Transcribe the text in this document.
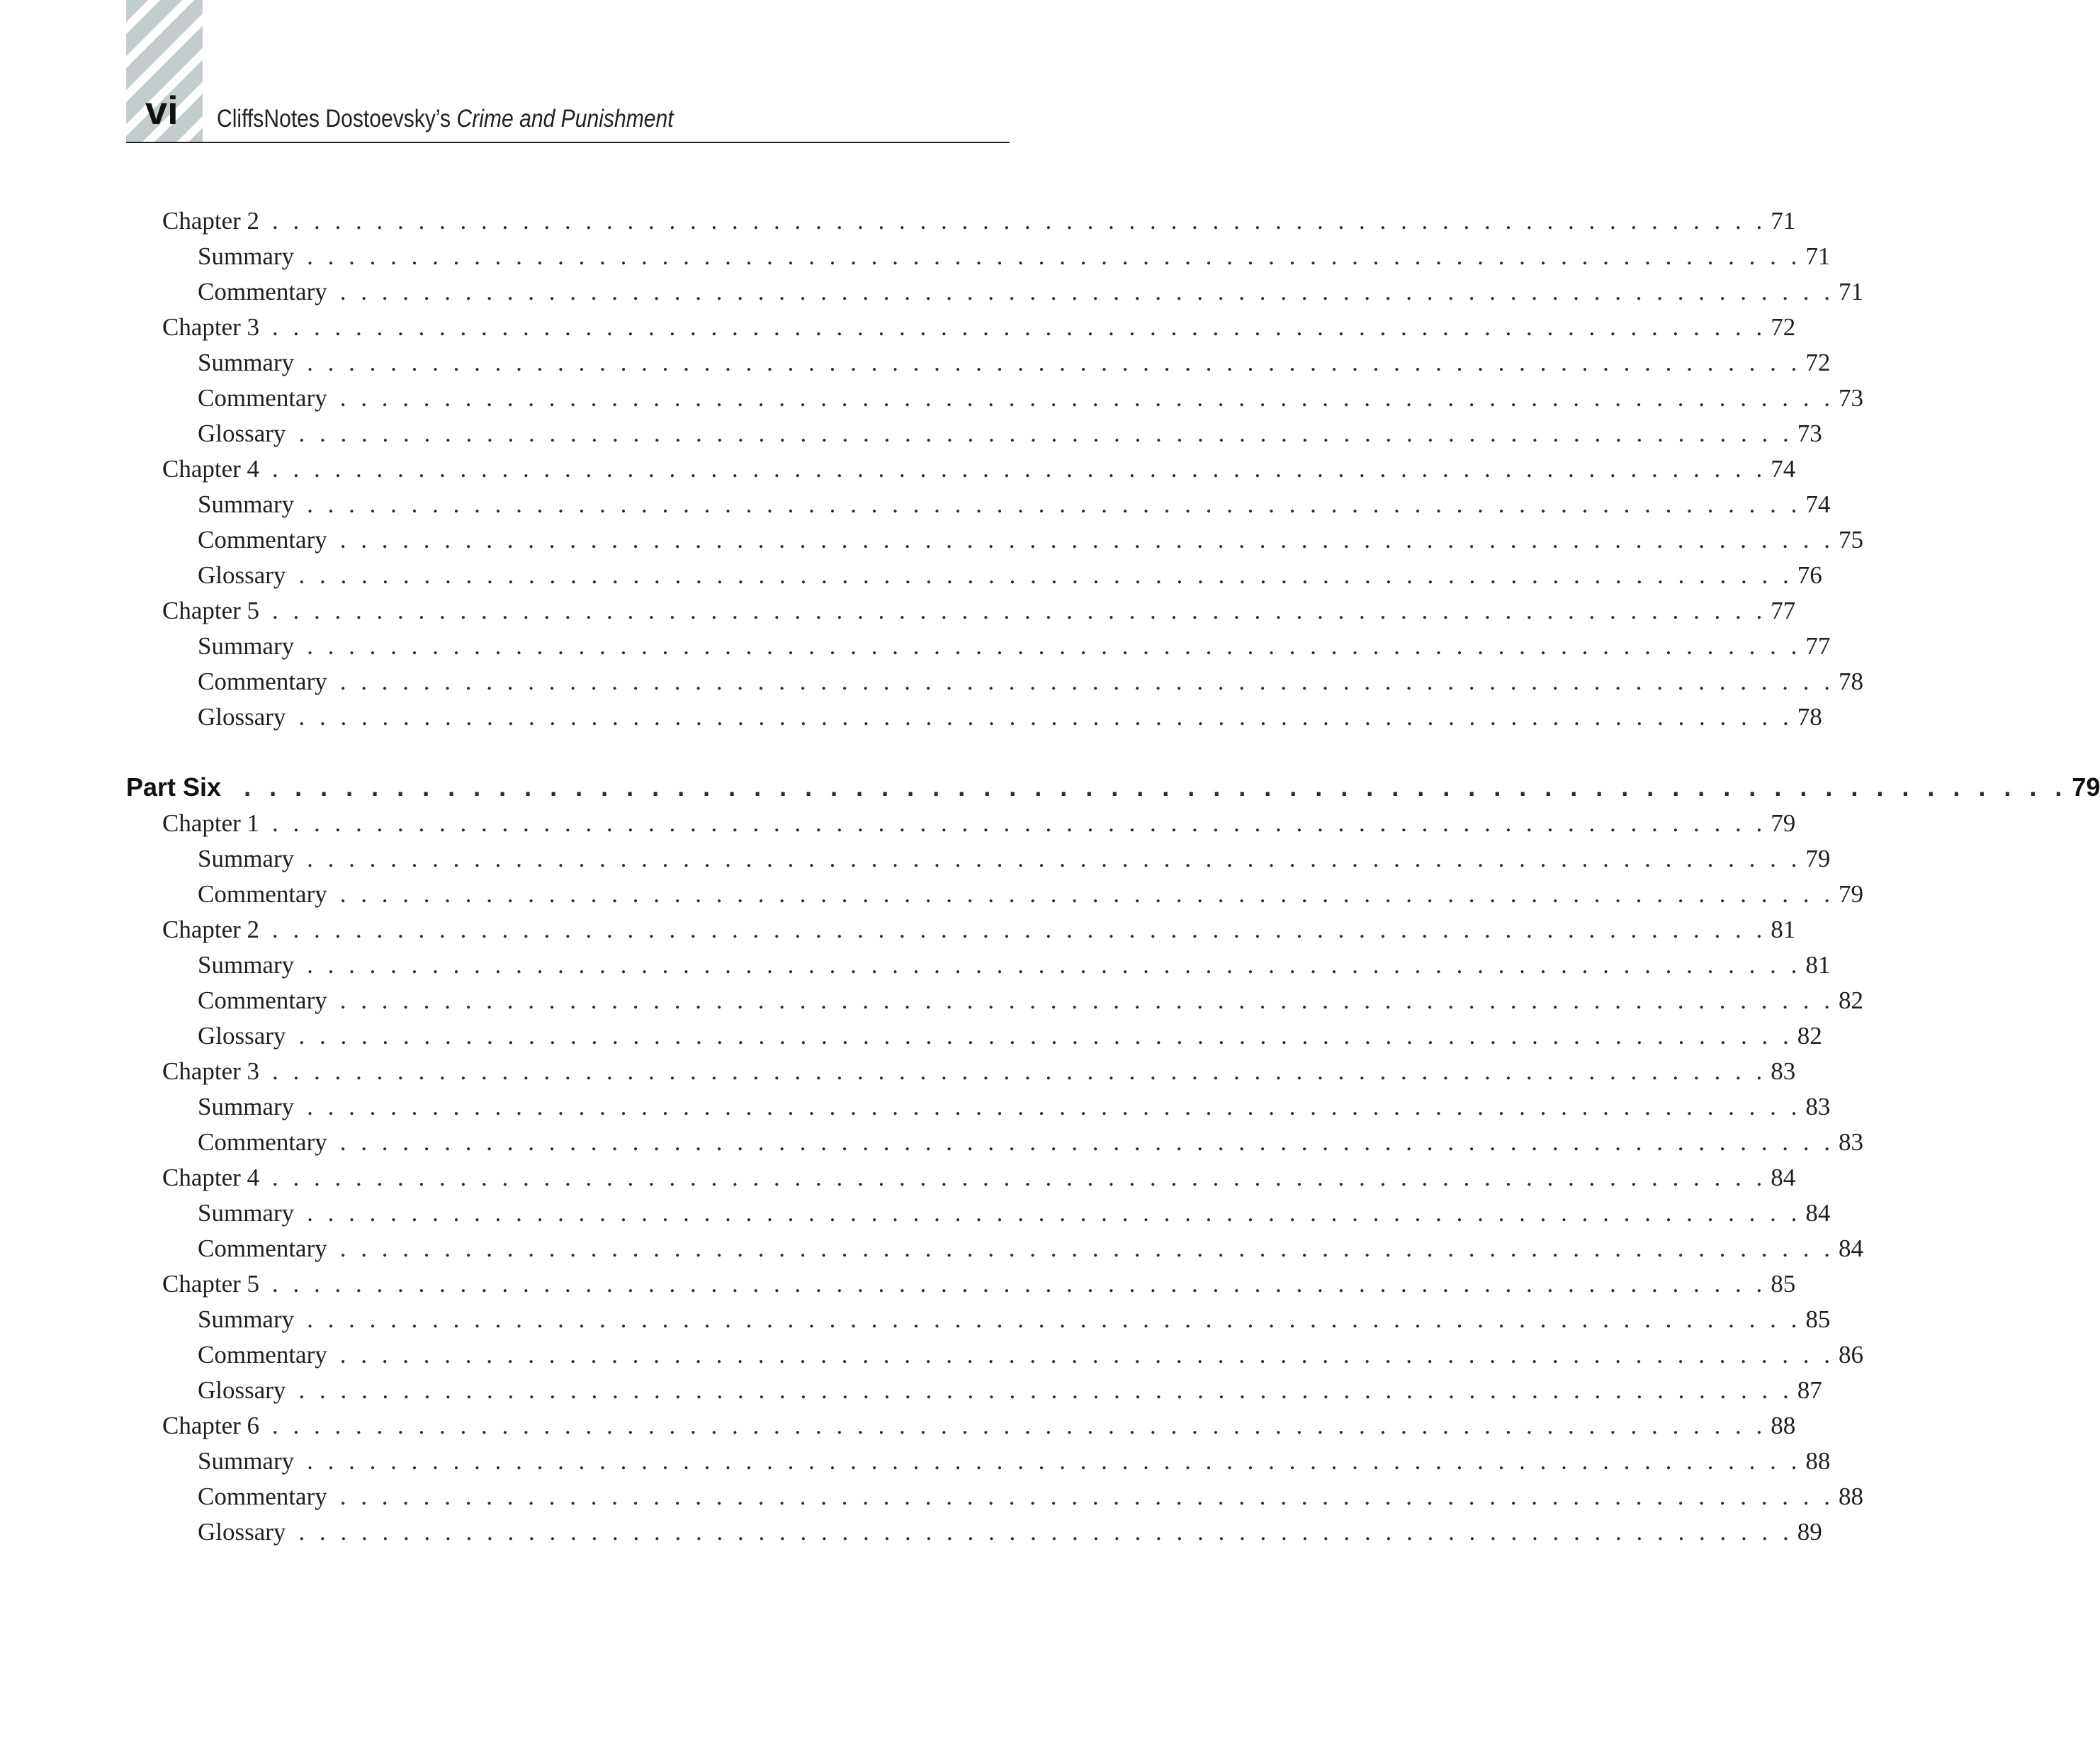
vi CliffsNotes Dostoevsky’s Crime and Punishment
Chapter 2 . . . . . . . . . . . . . . . . . . . . . . . . . . . . . . . . . . . . . . . . . . . . . . . . . . . . . . . . . . . . . . . . . . . . . . . . 71
Summary . . . . . . . . . . . . . . . . . . . . . . . . . . . . . . . . . . . . . . . . . . . . . . . . . . . . . . . . . . . . . . . . . . . . . . . . 71
Commentary . . . . . . . . . . . . . . . . . . . . . . . . . . . . . . . . . . . . . . . . . . . . . . . . . . . . . . . . . . . . . . . . . . . . . . . . 71
Chapter 3 . . . . . . . . . . . . . . . . . . . . . . . . . . . . . . . . . . . . . . . . . . . . . . . . . . . . . . . . . . . . . . . . . . . . . . . . 72
Summary . . . . . . . . . . . . . . . . . . . . . . . . . . . . . . . . . . . . . . . . . . . . . . . . . . . . . . . . . . . . . . . . . . . . . . . . 72
Commentary . . . . . . . . . . . . . . . . . . . . . . . . . . . . . . . . . . . . . . . . . . . . . . . . . . . . . . . . . . . . . . . . . . . . . . . . 73
Glossary . . . . . . . . . . . . . . . . . . . . . . . . . . . . . . . . . . . . . . . . . . . . . . . . . . . . . . . . . . . . . . . . . . . . . . . . 73
Chapter 4 . . . . . . . . . . . . . . . . . . . . . . . . . . . . . . . . . . . . . . . . . . . . . . . . . . . . . . . . . . . . . . . . . . . . . . . . 74
Summary . . . . . . . . . . . . . . . . . . . . . . . . . . . . . . . . . . . . . . . . . . . . . . . . . . . . . . . . . . . . . . . . . . . . . . . . 74
Commentary . . . . . . . . . . . . . . . . . . . . . . . . . . . . . . . . . . . . . . . . . . . . . . . . . . . . . . . . . . . . . . . . . . . . . . . . 75
Glossary . . . . . . . . . . . . . . . . . . . . . . . . . . . . . . . . . . . . . . . . . . . . . . . . . . . . . . . . . . . . . . . . . . . . . . . . 76
Chapter 5 . . . . . . . . . . . . . . . . . . . . . . . . . . . . . . . . . . . . . . . . . . . . . . . . . . . . . . . . . . . . . . . . . . . . . . . . 77
Summary . . . . . . . . . . . . . . . . . . . . . . . . . . . . . . . . . . . . . . . . . . . . . . . . . . . . . . . . . . . . . . . . . . . . . . . . 77
Commentary . . . . . . . . . . . . . . . . . . . . . . . . . . . . . . . . . . . . . . . . . . . . . . . . . . . . . . . . . . . . . . . . . . . . . . . . 78
Glossary . . . . . . . . . . . . . . . . . . . . . . . . . . . . . . . . . . . . . . . . . . . . . . . . . . . . . . . . . . . . . . . . . . . . . . . . 78
Part Six . . . . . . . . . . . . . . . . . . . . . . . . . . . . . . . . . . . . . . . . . . . . . . . . . . . . . . . . . . . . . . . . . . . . . . . . 79
Chapter 1 . . . . . . . . . . . . . . . . . . . . . . . . . . . . . . . . . . . . . . . . . . . . . . . . . . . . . . . . . . . . . . . . . . . . . . . . 79
Summary . . . . . . . . . . . . . . . . . . . . . . . . . . . . . . . . . . . . . . . . . . . . . . . . . . . . . . . . . . . . . . . . . . . . . . . . 79
Commentary . . . . . . . . . . . . . . . . . . . . . . . . . . . . . . . . . . . . . . . . . . . . . . . . . . . . . . . . . . . . . . . . . . . . . . . . 79
Chapter 2 . . . . . . . . . . . . . . . . . . . . . . . . . . . . . . . . . . . . . . . . . . . . . . . . . . . . . . . . . . . . . . . . . . . . . . . . 81
Summary . . . . . . . . . . . . . . . . . . . . . . . . . . . . . . . . . . . . . . . . . . . . . . . . . . . . . . . . . . . . . . . . . . . . . . . . 81
Commentary . . . . . . . . . . . . . . . . . . . . . . . . . . . . . . . . . . . . . . . . . . . . . . . . . . . . . . . . . . . . . . . . . . . . . . . . 82
Glossary . . . . . . . . . . . . . . . . . . . . . . . . . . . . . . . . . . . . . . . . . . . . . . . . . . . . . . . . . . . . . . . . . . . . . . . . 82
Chapter 3 . . . . . . . . . . . . . . . . . . . . . . . . . . . . . . . . . . . . . . . . . . . . . . . . . . . . . . . . . . . . . . . . . . . . . . . . 83
Summary . . . . . . . . . . . . . . . . . . . . . . . . . . . . . . . . . . . . . . . . . . . . . . . . . . . . . . . . . . . . . . . . . . . . . . . . 83
Commentary . . . . . . . . . . . . . . . . . . . . . . . . . . . . . . . . . . . . . . . . . . . . . . . . . . . . . . . . . . . . . . . . . . . . . . . . 83
Chapter 4 . . . . . . . . . . . . . . . . . . . . . . . . . . . . . . . . . . . . . . . . . . . . . . . . . . . . . . . . . . . . . . . . . . . . . . . . 84
Summary . . . . . . . . . . . . . . . . . . . . . . . . . . . . . . . . . . . . . . . . . . . . . . . . . . . . . . . . . . . . . . . . . . . . . . . . 84
Commentary . . . . . . . . . . . . . . . . . . . . . . . . . . . . . . . . . . . . . . . . . . . . . . . . . . . . . . . . . . . . . . . . . . . . . . . . 84
Chapter 5 . . . . . . . . . . . . . . . . . . . . . . . . . . . . . . . . . . . . . . . . . . . . . . . . . . . . . . . . . . . . . . . . . . . . . . . . 85
Summary . . . . . . . . . . . . . . . . . . . . . . . . . . . . . . . . . . . . . . . . . . . . . . . . . . . . . . . . . . . . . . . . . . . . . . . . 85
Commentary . . . . . . . . . . . . . . . . . . . . . . . . . . . . . . . . . . . . . . . . . . . . . . . . . . . . . . . . . . . . . . . . . . . . . . . . 86
Glossary . . . . . . . . . . . . . . . . . . . . . . . . . . . . . . . . . . . . . . . . . . . . . . . . . . . . . . . . . . . . . . . . . . . . . . . . 87
Chapter 6 . . . . . . . . . . . . . . . . . . . . . . . . . . . . . . . . . . . . . . . . . . . . . . . . . . . . . . . . . . . . . . . . . . . . . . . . 88
Summary . . . . . . . . . . . . . . . . . . . . . . . . . . . . . . . . . . . . . . . . . . . . . . . . . . . . . . . . . . . . . . . . . . . . . . . . 88
Commentary . . . . . . . . . . . . . . . . . . . . . . . . . . . . . . . . . . . . . . . . . . . . . . . . . . . . . . . . . . . . . . . . . . . . . . . . 88
Glossary . . . . . . . . . . . . . . . . . . . . . . . . . . . . . . . . . . . . . . . . . . . . . . . . . . . . . . . . . . . . . . . . . . . . . . . . 89
